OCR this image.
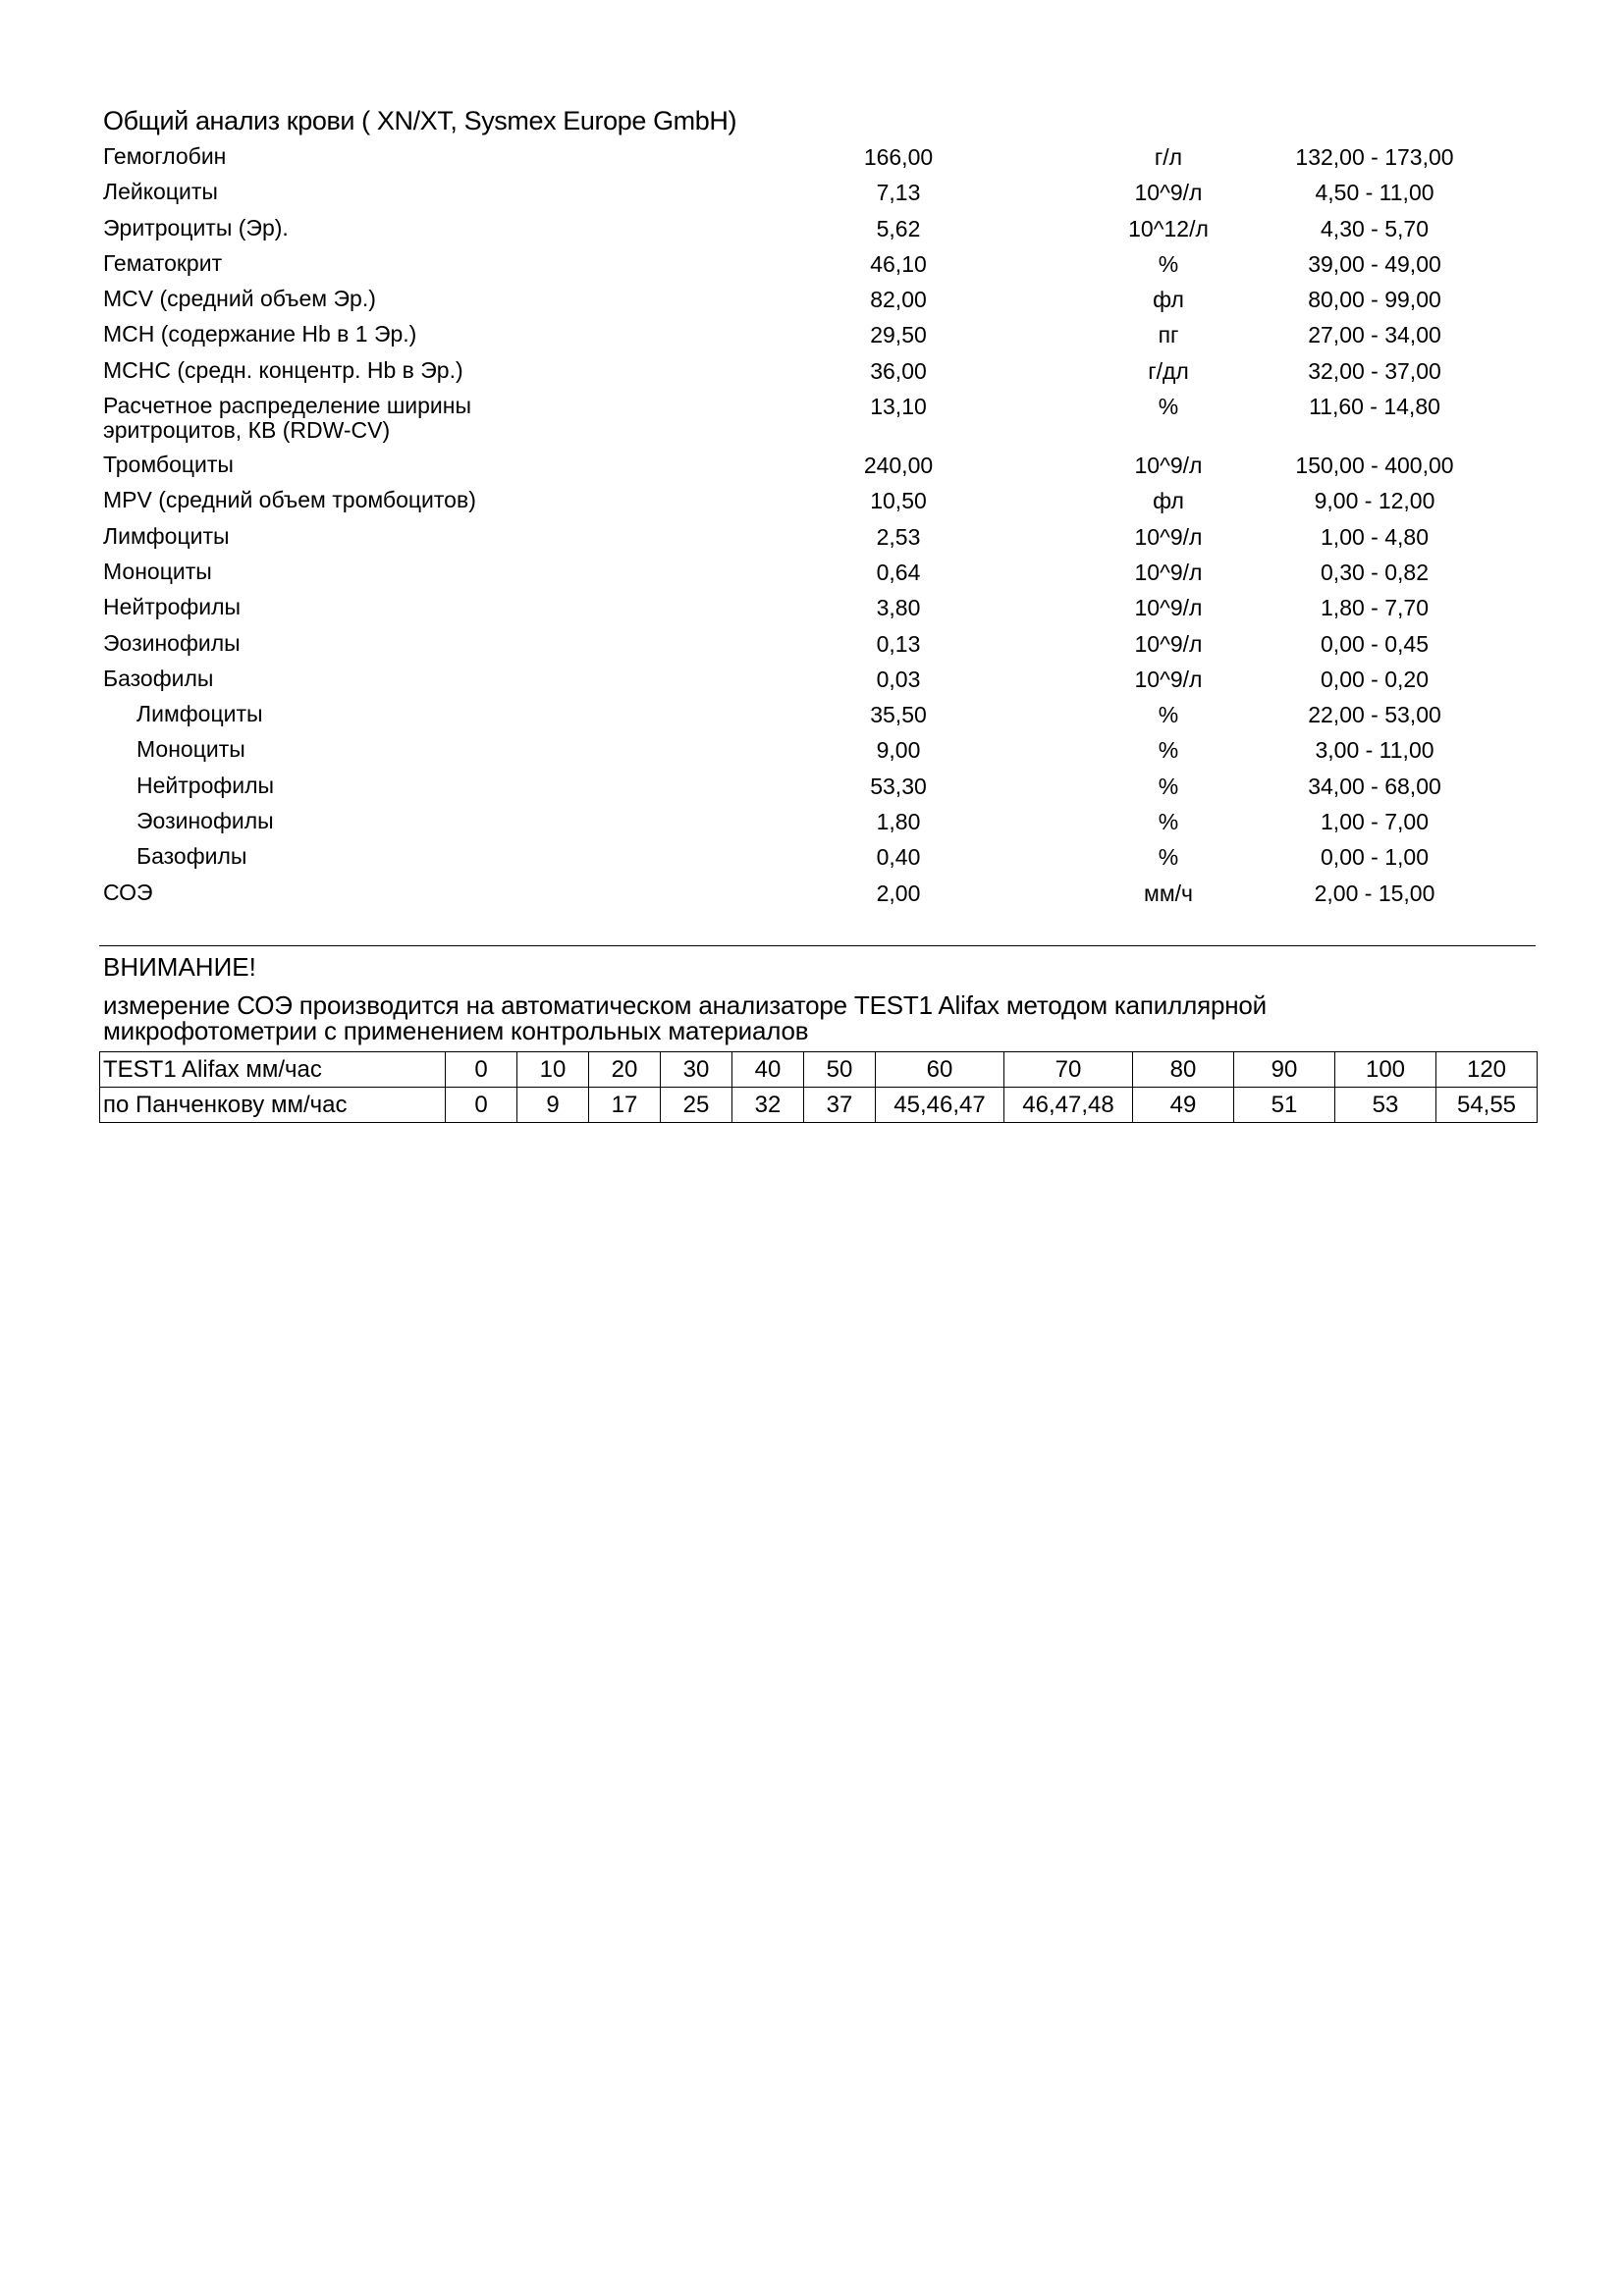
Общий анализ крови ( XN/XT, Sysmex Europe GmbH)
Гемоглобин	166,00	г/л	132,00 - 173,00
Лейкоциты	7,13	10^9/л	4,50 - 11,00
Эритроциты (Эр).	5,62	10^12/л	4,30 - 5,70
Гематокрит	46,10	%	39,00 - 49,00
MCV (средний объем Эр.)	82,00	фл	80,00 - 99,00
MCH (содержание Hb в 1 Эр.)	29,50	пг	27,00 - 34,00
MCHC (средн. концентр. Hb в Эр.)	36,00	г/дл	32,00 - 37,00
Расчетное распределение ширины
эритроцитов, КВ (RDW-CV)
13,10	%	11,60 - 14,80
Тромбоциты	240,00	10^9/л	150,00 - 400,00
MPV (средний объем тромбоцитов)	10,50	фл	9,00 - 12,00
Лимфоциты	2,53	10^9/л	1,00 - 4,80
Моноциты	0,64	10^9/л	0,30 - 0,82
Нейтрофилы	3,80	10^9/л	1,80 - 7,70
Эозинофилы	0,13	10^9/л	0,00 - 0,45
Базофилы	0,03	10^9/л	0,00 - 0,20
Лимфоциты	35,50	%	22,00 - 53,00
Моноциты	9,00	%	3,00 - 11,00
Нейтрофилы	53,30	%	34,00 - 68,00
Эозинофилы	1,80	%	1,00 - 7,00
Базофилы	0,40	%	0,00 - 1,00
СОЭ	2,00	мм/ч	2,00 - 15,00
ВНИМАНИЕ!
измерение СОЭ производится на автоматическом анализаторе TEST1 Alifax методом капиллярной
микрофотометрии с применением контрольных материалов
TEST1 Alifax мм/час	0	10	20	30	40	50	60	70	80	90	100	120
по Панченкову мм/час	0	9	17	25	32	37	45,46,47	46,47,48	49	51	53	54,55
